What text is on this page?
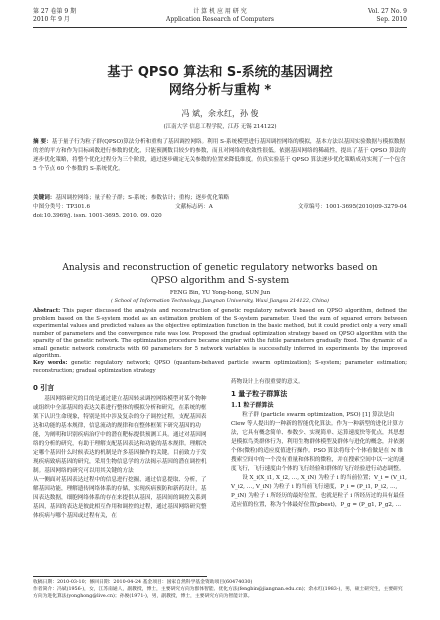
第 27 卷第 9 期
2010 年 9 月
计 算 机 应 用 研 究
Application Research of Computers
Vol. 27 No. 9
Sep. 2010
基于 QPSO 算法和 S-系统的基因调控
网络分析与重构 *
冯 斌，余永红，孙 俊
(江南大学 信息工程学院，江苏 无锡 214122)
摘 要：基于量子行为粒子群(QPSO)算法分析和重构了基因调控网络。利用 S-系统模型进行基因调控网络的模拟，基本方法以基因实验数据与模拟数据的差的平方和作为目标函数进行参数的优化，只能预测数目较少的参数，而且对网络的收敛性很低。依据基因网络的稀疏性，提出了基于 QPSO 算法的逐步优化策略，将整个优化过程分为三个阶段，通过逐步确定无关参数的位置来降低维度。仿真实验基于 QPSO 算法逐步优化策略成功实现了一个包含 5 个节点 60 个参数的 S-系统优化。
关键词：基因调控网络；量子粒子群；S-系统；参数估计；重构；逐步优化策略
中图分类号：TP301.6	文献标志码：A	文章编号：1001-3695(2010)09-3279-04
doi:10.3969/j. issn. 1001-3695. 2010. 09. 020
Analysis and reconstruction of genetic regulatory networks based on
QPSO algorithm and S-system
FENG Bin, YU Yong-hong, SUN Jun
( School of Information Technology, Jiangnan University, Wuxi Jiangsu 214122, China)
Abstract: This paper discussed the analysis and reconstruction of genetic regulatory network based on QPSO algorithm, defined the problem based on the S-system model as an estimation problem of the S-system parameter. Used the sum of squared errors between experimental values and predicted values as the objective optimization function in the basic method, but it could predict only a very small number of parameters and the convergence rate was low. Proposed the gradual optimization strategy based on QPSO algorithm with the sparsity of the genetic network. The optimization procedure became simpler with the futile parameters gradually fixed. The dynamic of a small genetic network constructs with 60 parameters for 5 network variables is successfully inferred in experiments by the improved algorithm.
Key words: genetic regulatory network; QPSO (quantum-behaved particle swarm optimization); S-system; parameter estimation; reconstruction; gradual optimization strategy
0 引言

基因网络研究的目的是通过建立基因转录调控网络模型对某个物种或组织中全部基因的表达关系进行整体的模拟分析和研究，在系统的框架下认识生命现象，特别是其中涉及复杂的分子调控过程，支配基因表达和功能的基本规律，信息流动的规律和在整体框架下研究基因的功能，为阐明和识别疾病治疗中的潜在靶标提供预测工具。通过对基因网络的分析的研究，有助于理解支配基因表达和功能的基本规律。理解决定哪个基因什么时候表达的机制是许多基因操作的关键。目前致力于发现疾病致病基因的研究，采用生物信息学的方法揭示基因的潜在调控机制。基因网络的研究可以用其关键的方法

从一侧面对基因表达过程中的信息进行挖掘，通过信息提取、分析，了解基因功能，理解遗传网络体系的存储，实现疾病预防和新药设计。基因表达数据，细胞网络体系的存在来提供从基因，基因间的调控关系到基因，基因的表达是彼此相互作用和调控的过程，通过基因网络研究整体疾病与哪个基因或过程有关，在

药物设计上有很重要的意义。

1 量子粒子群算法
1.1 粒子群算法

粒子群 (particle swarm optimization, PSO) [1] 算法是由 Clew 等人提出的一种新的智能优化算法。作为一种新型的进化计算方法，它具有概念简单、参数少、实现简单、运算速度快等优点，其思想是模拟鸟类群体行为，利用生物群体模型及群体与进化的概念，并依据个体(微粒)的适应度值进行操作。PSO 算法将每个个体看做是在 N 维搜索空间中的一个没有重量和体积的微粒，并在搜索空间中以一定的速度飞行，飞行速度由个体的飞行经验和群体的飞行经验进行动态调整。

设 X_i(X_i1, X_i2, …, X_iN) 为粒子 i 的当前位置；V_i = (V_i1, V_i2, …, V_iN) 为粒子 i 的当前飞行速度，P_i = (P_i1, P_i2, …, P_iN) 为粒子 i 所经历的最好位置，也就是粒子 i 所经历过的具有最佳适应值的位置，称为个体最好位置(pbest)，P_g = (P_g1, P_g2, …

收稿日期：2010-03-10；修回日期：2010-04-24 基金项目：国家自然科学基金资助项目(60474030)
作者简介：冯斌(1956-)，女，江苏南通人，副教授，博士，主要研究方向为群体智能、优化方法(fengbin@jiangnan.edu.cn)；余永红(1983-)，男，硕士研究生，主要研究方向为进化算法(yonghong@live.cn)；孙俊(1971-)，男，副教授，博士，主要研究方向为智能计算。
